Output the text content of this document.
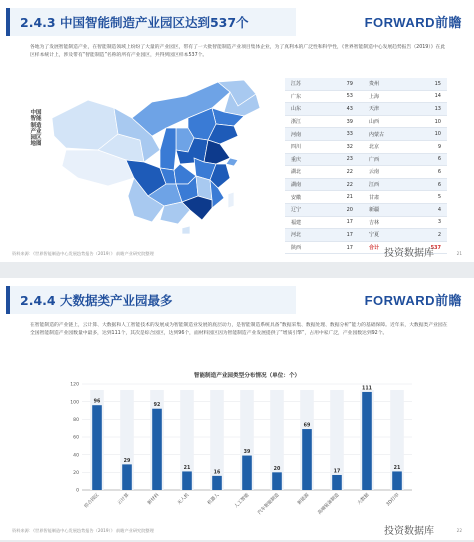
2.4.3 中国智能制造产业园区达到537个	FORWARD前瞻
各地为了发展智能制造产业，在智能制造领域上纷纷了大量的产业园区，带有了一大批智能制造产业项目集体企业，为了真利本的广泛性和科学性，《世界智能制造中心发展趋势报告（2019）》在此区样本统计上，涉及带有“智能制造”名称的所有产业园区，共得到园区样本537个。
中国智能制造产业园区地图
江苏	79	贵州	15
广东	53	上海	14
山东	43	天津	13
浙江	39	山西	10
河南	33	内蒙古	10
四川	32	北京	9
重庆	23	广西	6
湖北	22	云南	6
湖南	22	江西	6
安徽	21	甘肃	5
辽宁	20	新疆	4
福建	17	吉林	3
河北	17	宁夏	2
陕西	17	合计	537
资料来源：《世界智能制造中心发展趋势报告（2019）》 前瞻产业研究院整理	21
投资数据库
2.4.4 大数据类产业园最多	FORWARD前瞻
在智能制造的产业链上，云计算、大数据和人工智能技术的发展成为智能制造业发展的底层动力，是智能制造系统具备“数据采集、数据处理、数据分析”能力的基础保障。近年来，大数据类产业园在全国智能制造产业园数量中最多，达到111个，其次是综合园区，达到96个，面材料园区因为智能制造产业发展提供了“增质引擎”，占用中家广泛，产业园数达到92个。
智能制造产业园类型分布情况（单位：个）
0
20
40
60
80
100
120
96
综合园区
29
云计算
92
新材料
21
无人机
16
机器人
39
人工智能
20
汽车智能制造
69
新能源
17
高端装备制造
111
大数据
21
3D打印
资料来源：《世界智能制造中心发展趋势报告（2019）》 前瞻产业研究院整理	22
投资数据库
